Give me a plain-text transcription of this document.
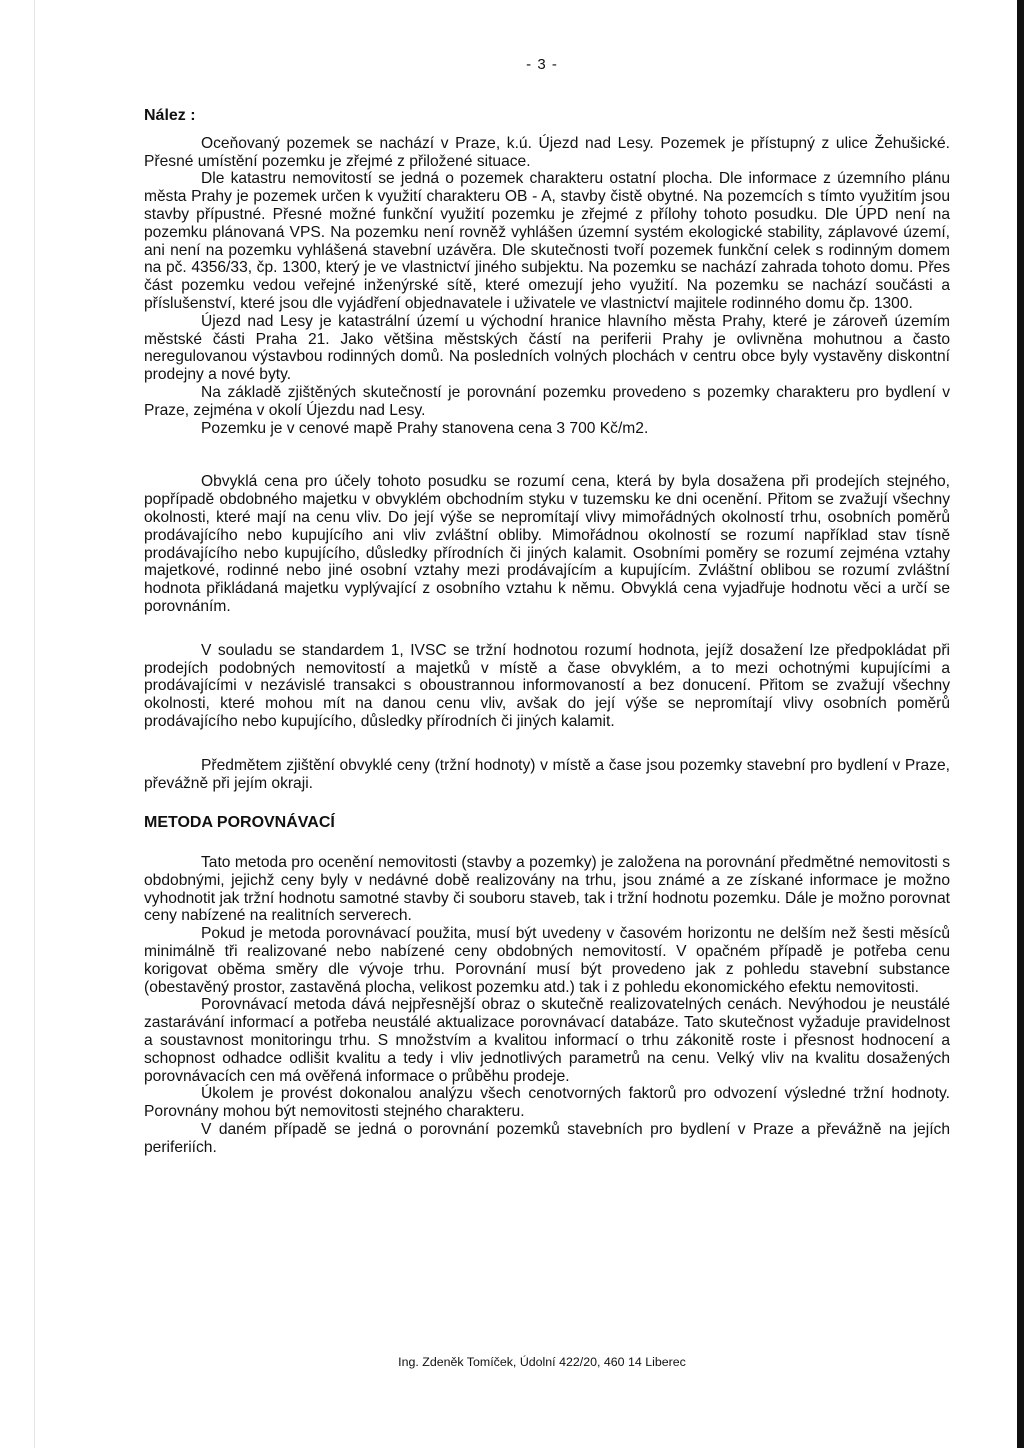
- 3 -
Nález :

Oceňovaný pozemek se nachází v Praze, k.ú. Újezd nad Lesy. Pozemek je přístupný z ulice Žehušické. Přesné umístění pozemku je zřejmé z přiložené situace.

Dle katastru nemovitostí se jedná o pozemek charakteru ostatní plocha. Dle informace z územního plánu města Prahy je pozemek určen k využití charakteru OB - A, stavby čistě obytné. Na pozemcích s tímto využitím jsou stavby přípustné. Přesné možné funkční využití pozemku je zřejmé z přílohy tohoto posudku. Dle ÚPD není na pozemku plánovaná VPS. Na pozemku není rovněž vyhlášen územní systém ekologické stability, záplavové území, ani není na pozemku vyhlášená stavební uzávěra. Dle skutečnosti tvoří pozemek funkční celek s rodinným domem na pč. 4356/33, čp. 1300, který je ve vlastnictví jiného subjektu. Na pozemku se nachází zahrada tohoto domu. Přes část pozemku vedou veřejné inženýrské sítě, které omezují jeho využití. Na pozemku se nachází součásti a příslušenství, které jsou dle vyjádření objednavatele i uživatele ve vlastnictví majitele rodinného domu čp. 1300.

Újezd nad Lesy je katastrální území u východní hranice hlavního města Prahy, které je zároveň územím městské části Praha 21. Jako většina městských částí na periferii Prahy je ovlivněna mohutnou a často neregulovanou výstavbou rodinných domů. Na posledních volných plochách v centru obce byly vystavěny diskontní prodejny a nové byty.

Na základě zjištěných skutečností je porovnání pozemku provedeno s pozemky charakteru pro bydlení v Praze, zejména v okolí Újezdu nad Lesy.

Pozemku je v cenové mapě Prahy stanovena cena 3 700 Kč/m2.

Obvyklá cena pro účely tohoto posudku se rozumí cena, která by byla dosažena při prodejích stejného, popřípadě obdobného majetku v obvyklém obchodním styku v tuzemsku ke dni ocenění. Přitom se zvažují všechny okolnosti, které mají na cenu vliv. Do její výše se nepromítají vlivy mimořádných okolností trhu, osobních poměrů prodávajícího nebo kupujícího ani vliv zvláštní obliby. Mimořádnou okolností se rozumí například stav tísně prodávajícího nebo kupujícího, důsledky přírodních či jiných kalamit. Osobními poměry se rozumí zejména vztahy majetkové, rodinné nebo jiné osobní vztahy mezi prodávajícím a kupujícím. Zvláštní oblibou se rozumí zvláštní hodnota přikládaná majetku vyplývající z osobního vztahu k němu. Obvyklá cena vyjadřuje hodnotu věci a určí se porovnáním.

V souladu se standardem 1, IVSC se tržní hodnotou rozumí hodnota, jejíž dosažení lze předpokládat při prodejích podobných nemovitostí a majetků v místě a čase obvyklém, a to mezi ochotnými kupujícími a prodávajícími v nezávislé transakci s oboustrannou informovaností a bez donucení. Přitom se zvažují všechny okolnosti, které mohou mít na danou cenu vliv, avšak do její výše se nepromítají vlivy osobních poměrů prodávajícího nebo kupujícího, důsledky přírodních či jiných kalamit.

Předmětem zjištění obvyklé ceny (tržní hodnoty) v místě a čase jsou pozemky stavební pro bydlení v Praze, převážně při jejím okraji.

METODA POROVNÁVACÍ

Tato metoda pro ocenění nemovitosti (stavby a pozemky) je založena na porovnání předmětné nemovitosti s obdobnými, jejichž ceny byly v nedávné době realizovány na trhu, jsou známé a ze získané informace je možno vyhodnotit jak tržní hodnotu samotné stavby či souboru staveb, tak i tržní hodnotu pozemku. Dále je možno porovnat ceny nabízené na realitních serverech.

Pokud je metoda porovnávací použita, musí být uvedeny v časovém horizontu ne delším než šesti měsíců minimálně tři realizované nebo nabízené ceny obdobných nemovitostí. V opačném případě je potřeba cenu korigovat oběma směry dle vývoje trhu. Porovnání musí být provedeno jak z pohledu stavební substance (obestavěný prostor, zastavěná plocha, velikost pozemku atd.) tak i z pohledu ekonomického efektu nemovitosti.

Porovnávací metoda dává nejpřesnější obraz o skutečně realizovatelných cenách. Nevýhodou je neustálé zastarávání informací a potřeba neustálé aktualizace porovnávací databáze. Tato skutečnost vyžaduje pravidelnost a soustavnost monitoringu trhu. S množstvím a kvalitou informací o trhu zákonitě roste i přesnost hodnocení a schopnost odhadce odlišit kvalitu a tedy i vliv jednotlivých parametrů na cenu. Velký vliv na kvalitu dosažených porovnávacích cen má ověřená informace o průběhu prodeje.

Úkolem je provést dokonalou analýzu všech cenotvorných faktorů pro odvození výsledné tržní hodnoty. Porovnány mohou být nemovitosti stejného charakteru.

V daném případě se jedná o porovnání pozemků stavebních pro bydlení v Praze a převážně na jejích periferiích.

Ing. Zdeněk Tomíček, Údolní 422/20, 460 14 Liberec
